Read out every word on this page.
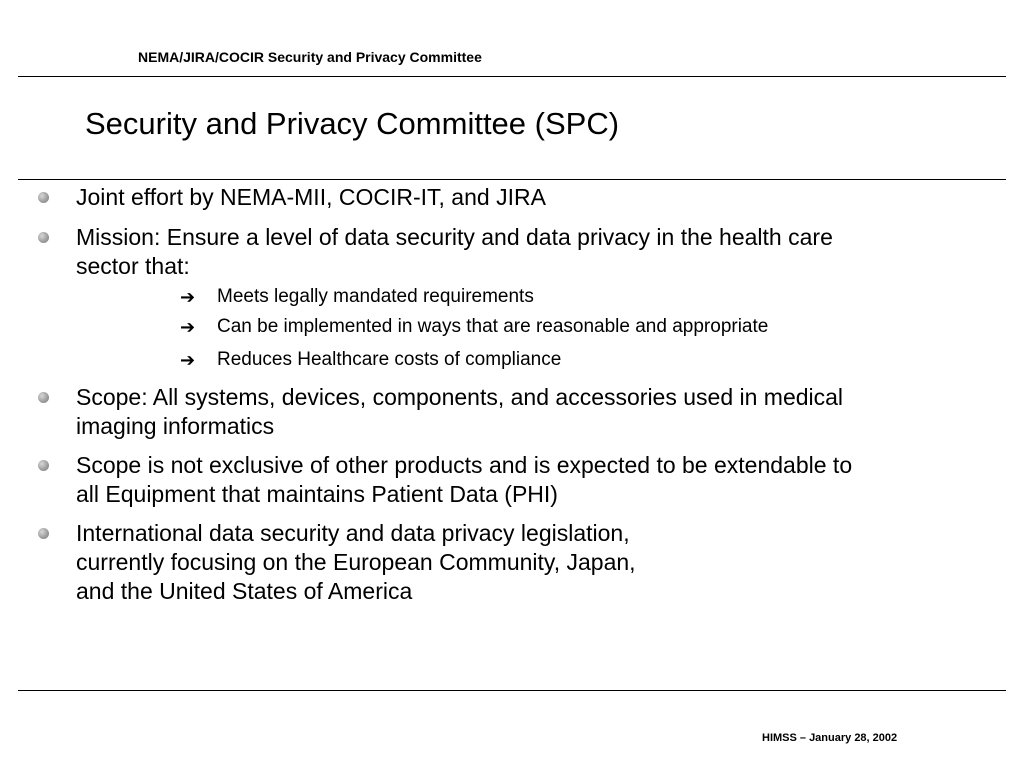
NEMA/JIRA/COCIR Security and Privacy Committee
Security and Privacy Committee (SPC)
Joint effort by NEMA-MII, COCIR-IT, and JIRA
Mission: Ensure a level of data security and data privacy in the health care
sector that:
➔ Meets legally mandated requirements
➔ Can be implemented in ways that are reasonable and appropriate
➔ Reduces Healthcare costs of compliance
Scope: All systems, devices, components, and accessories used in medical
imaging informatics
Scope is not exclusive of other products and is expected to be extendable to
all Equipment that maintains Patient Data (PHI)
International data security and data privacy legislation,
currently focusing on the European Community, Japan,
and the United States of America
HIMSS – January 28, 2002
